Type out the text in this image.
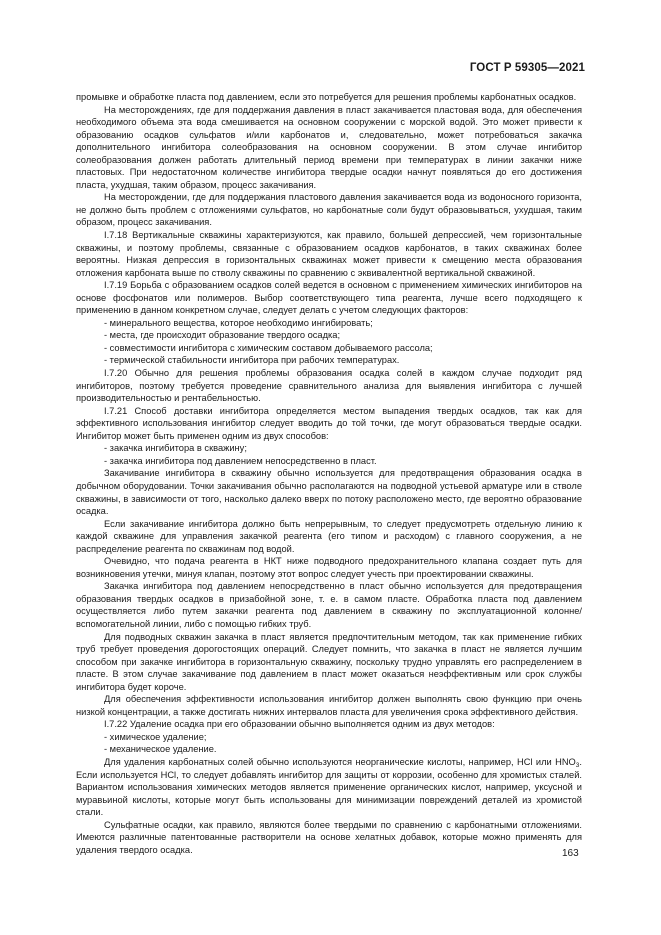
ГОСТ Р 59305—2021

промывке и обработке пласта под давлением, если это потребуется для решения проблемы карбонатных осадков.

На месторождениях, где для поддержания давления в пласт закачивается пластовая вода, для обеспечения необходимого объема эта вода смешивается на основном сооружении с морской водой. Это может привести к образованию осадков сульфатов и/или карбонатов и, следовательно, может потребоваться закачка дополнительного ингибитора солеобразования на основном сооружении. В этом случае ингибитор солеобразования должен работать длительный период времени при температурах в линии закачки ниже пластовых. При недостаточном количестве ингибитора твердые осадки начнут появляться до его достижения пласта, ухудшая, таким образом, процесс закачивания.

На месторождении, где для поддержания пластового давления закачивается вода из водоносного горизонта, не должно быть проблем с отложениями сульфатов, но карбонатные соли будут образовываться, ухудшая, таким образом, процесс закачивания.

I.7.18 Вертикальные скважины характеризуются, как правило, большей депрессией, чем горизонтальные скважины, и поэтому проблемы, связанные с образованием осадков карбонатов, в таких скважинах более вероятны. Низкая депрессия в горизонтальных скважинах может привести к смещению места образования отложения карбоната выше по стволу скважины по сравнению с эквивалентной вертикальной скважиной.

I.7.19 Борьба с образованием осадков солей ведется в основном с применением химических ингибиторов на основе фосфонатов или полимеров. Выбор соответствующего типа реагента, лучше всего подходящего к применению в данном конкретном случае, следует делать с учетом следующих факторов:

- минерального вещества, которое необходимо ингибировать;

- места, где происходит образование твердого осадка;

- совместимости ингибитора с химическим составом добываемого рассола;

- термической стабильности ингибитора при рабочих температурах.

I.7.20 Обычно для решения проблемы образования осадка солей в каждом случае подходит ряд ингибиторов, поэтому требуется проведение сравнительного анализа для выявления ингибитора с лучшей производительностью и рентабельностью.

I.7.21 Способ доставки ингибитора определяется местом выпадения твердых осадков, так как для эффективного использования ингибитор следует вводить до той точки, где могут образоваться твердые осадки. Ингибитор может быть применен одним из двух способов:

- закачка ингибитора в скважину;

- закачка ингибитора под давлением непосредственно в пласт.

Закачивание ингибитора в скважину обычно используется для предотвращения образования осадка в добычном оборудовании. Точки закачивания обычно располагаются на подводной устьевой арматуре или в стволе скважины, в зависимости от того, насколько далеко вверх по потоку расположено место, где вероятно образование осадка.

Если закачивание ингибитора должно быть непрерывным, то следует предусмотреть отдельную линию к каждой скважине для управления закачкой реагента (его типом и расходом) с главного сооружения, а не распределение реагента по скважинам под водой.

Очевидно, что подача реагента в НКТ ниже подводного предохранительного клапана создает путь для возникновения утечки, минуя клапан, поэтому этот вопрос следует учесть при проектировании скважины.

Закачка ингибитора под давлением непосредственно в пласт обычно используется для предотвращения образования твердых осадков в призабойной зоне, т. е. в самом пласте. Обработка пласта под давлением осуществляется либо путем закачки реагента под давлением в скважину по эксплуатационной колонне/вспомогательной линии, либо с помощью гибких труб.

Для подводных скважин закачка в пласт является предпочтительным методом, так как применение гибких труб требует проведения дорогостоящих операций. Следует помнить, что закачка в пласт не является лучшим способом при закачке ингибитора в горизонтальную скважину, поскольку трудно управлять его распределением в пласте. В этом случае закачивание под давлением в пласт может оказаться неэффективным или срок службы ингибитора будет короче.

Для обеспечения эффективности использования ингибитор должен выполнять свою функцию при очень низкой концентрации, а также достигать нижних интервалов пласта для увеличения срока эффективного действия.

I.7.22 Удаление осадка при его образовании обычно выполняется одним из двух методов:

- химическое удаление;

- механическое удаление.

Для удаления карбонатных солей обычно используются неорганические кислоты, например, HCl или $HNO_3$. Если используется HCl, то следует добавлять ингибитор для защиты от коррозии, особенно для хромистых сталей. Вариантом использования химических методов является применение органических кислот, например, уксусной и муравьиной кислоты, которые могут быть использованы для минимизации повреждений деталей из хромистой стали.

Сульфатные осадки, как правило, являются более твердыми по сравнению с карбонатными отложениями. Имеются различные патентованные растворители на основе хелатных добавок, которые можно применять для удаления твердого осадка.	163
